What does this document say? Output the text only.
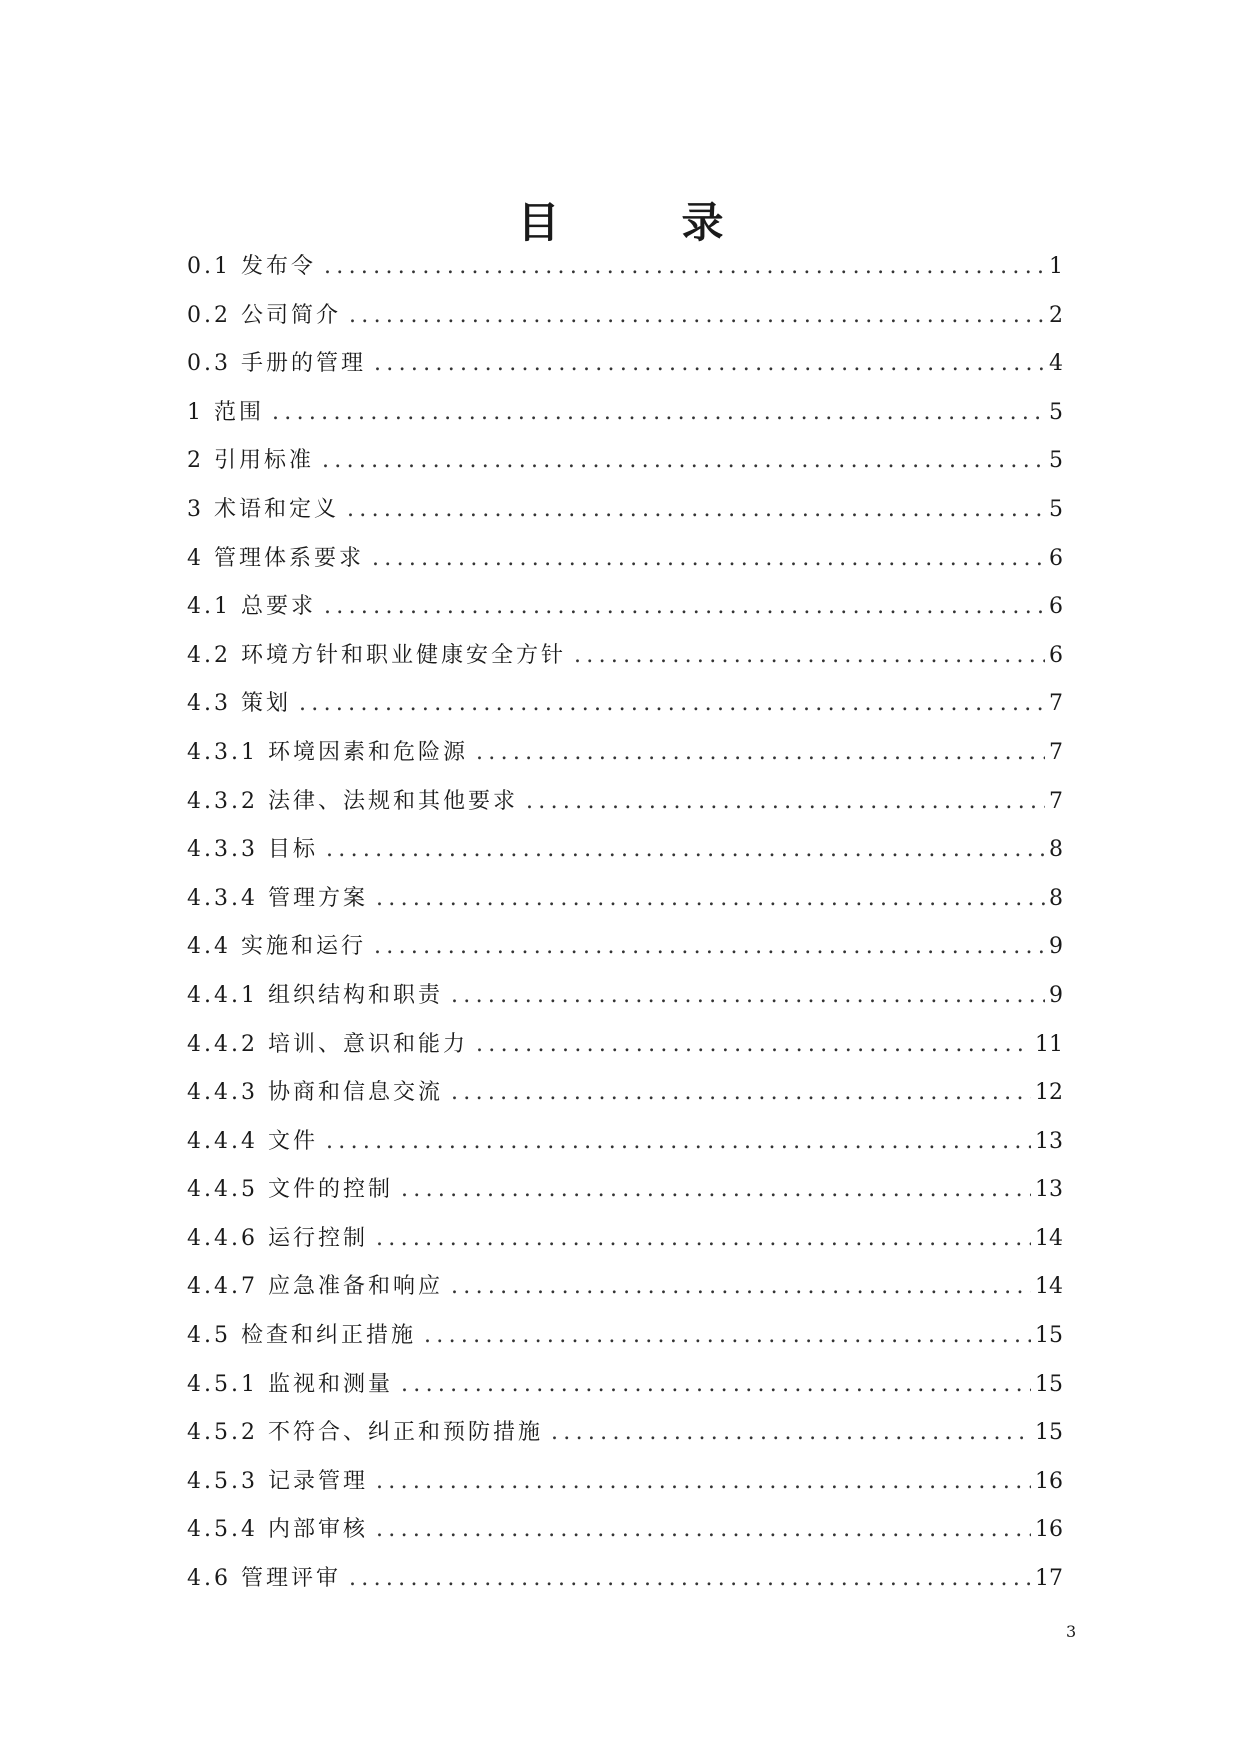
目　录
0.1 发布令 .....	1
0.2 公司简介 .....	2
0.3 手册的管理 .....	4
1 范围 .....	5
2 引用标准 .....	5
3 术语和定义 .....	5
4 管理体系要求 .....	6
4.1 总要求 .....	6
4.2 环境方针和职业健康安全方针 .....	6
4.3 策划 .....	7
4.3.1 环境因素和危险源 .....	7
4.3.2 法律、法规和其他要求 .....	7
4.3.3 目标 .....	8
4.3.4 管理方案 .....	8
4.4 实施和运行 .....	9
4.4.1 组织结构和职责 .....	9
4.4.2 培训、意识和能力 .....	11
4.4.3 协商和信息交流 .....	12
4.4.4 文件 .....	13
4.4.5 文件的控制 .....	13
4.4.6 运行控制 .....	14
4.4.7 应急准备和响应 .....	14
4.5 检查和纠正措施 .....	15
4.5.1 监视和测量 .....	15
4.5.2 不符合、纠正和预防措施 .....	15
4.5.3 记录管理 .....	16
4.5.4 内部审核 .....	16
4.6 管理评审 .....	17
3
